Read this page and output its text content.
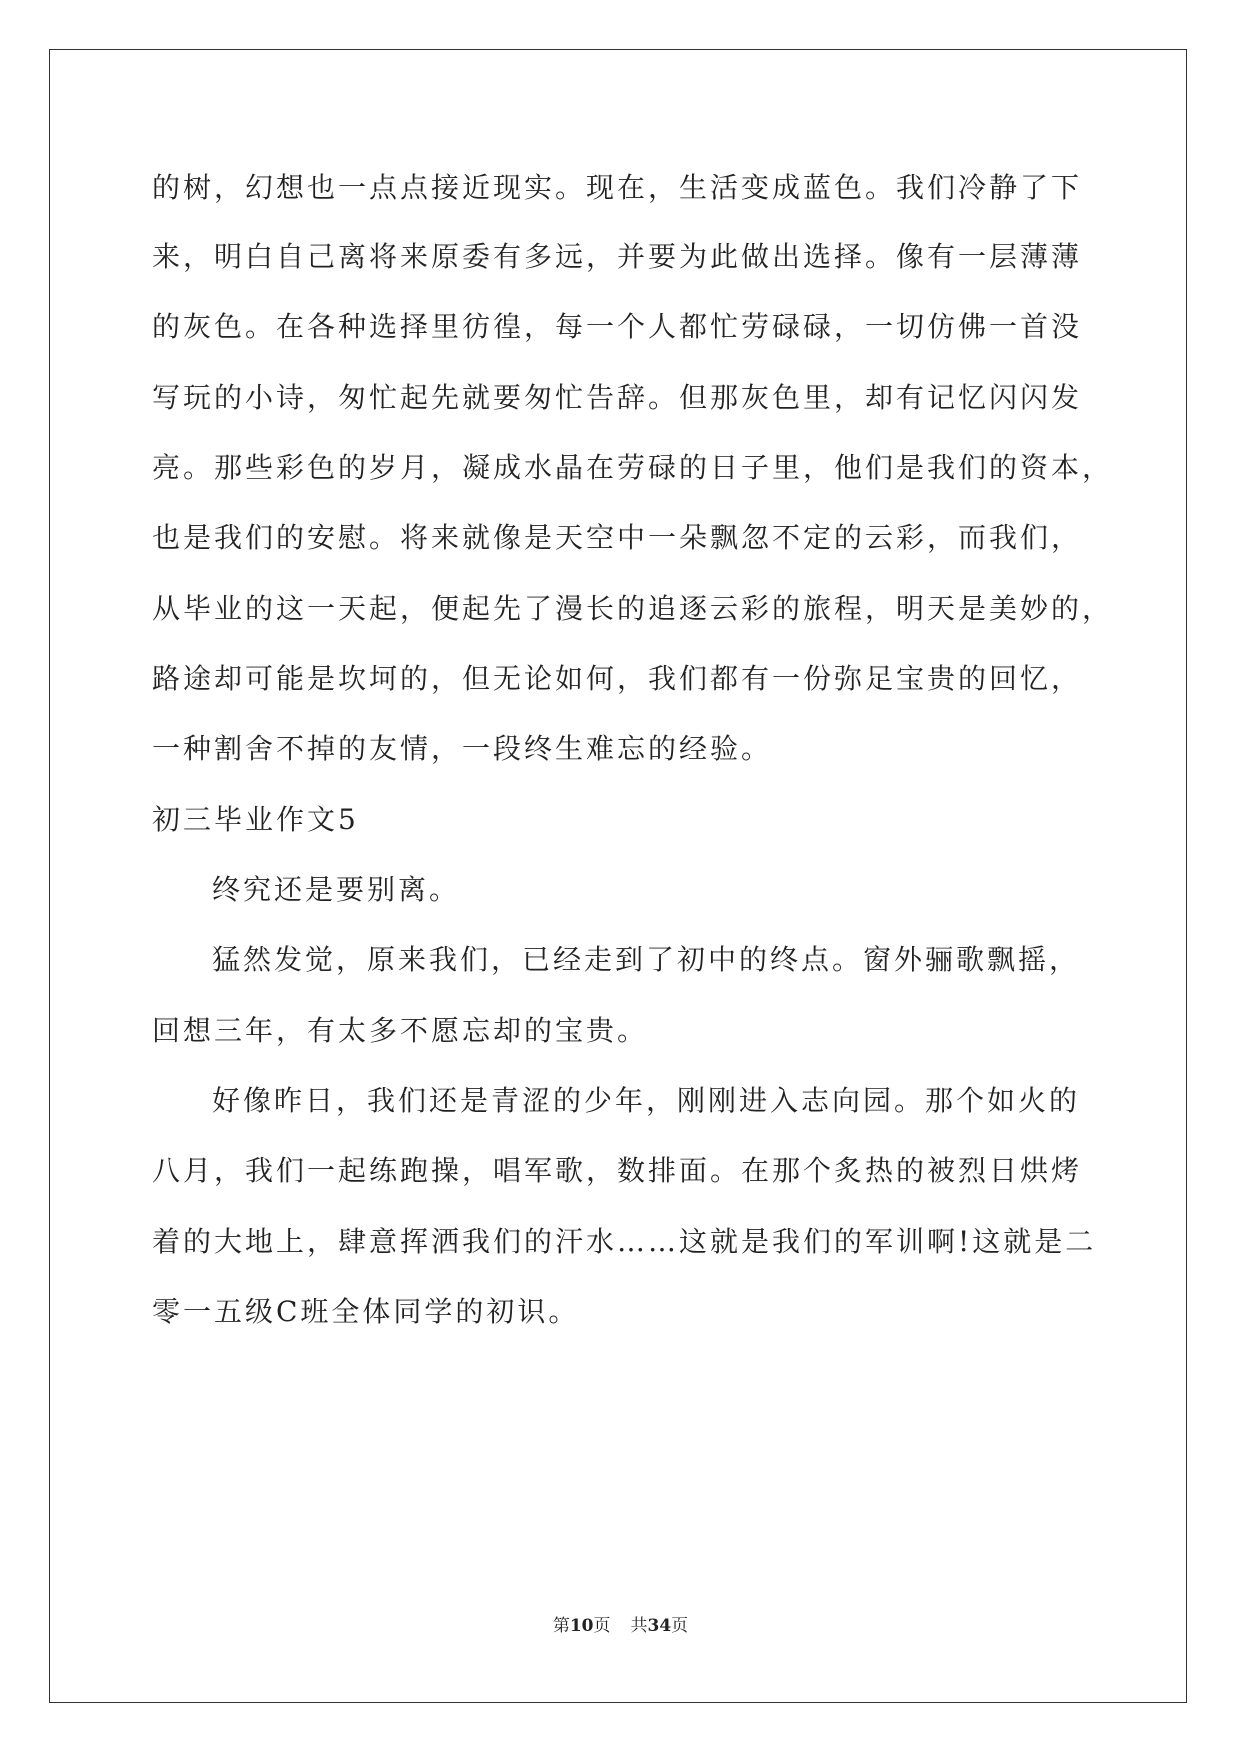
的树，幻想也一点点接近现实。现在，生活变成蓝色。我们冷静了下
来，明白自己离将来原委有多远，并要为此做出选择。像有一层薄薄
的灰色。在各种选择里彷徨，每一个人都忙劳碌碌，一切仿佛一首没
写玩的小诗，匆忙起先就要匆忙告辞。但那灰色里，却有记忆闪闪发
亮。那些彩色的岁月，凝成水晶在劳碌的日子里，他们是我们的资本，
也是我们的安慰。将来就像是天空中一朵飘忽不定的云彩，而我们，
从毕业的这一天起，便起先了漫长的追逐云彩的旅程，明天是美妙的，
路途却可能是坎坷的，但无论如何，我们都有一份弥足宝贵的回忆，
一种割舍不掉的友情，一段终生难忘的经验。
初三毕业作文5
终究还是要别离。
猛然发觉，原来我们，已经走到了初中的终点。窗外骊歌飘摇，
回想三年，有太多不愿忘却的宝贵。
好像昨日，我们还是青涩的少年，刚刚进入志向园。那个如火的
八月，我们一起练跑操，唱军歌，数排面。在那个炙热的被烈日烘烤
着的大地上，肆意挥洒我们的汗水……这就是我们的军训啊!这就是二
零一五级C班全体同学的初识。
第10页 共34页
